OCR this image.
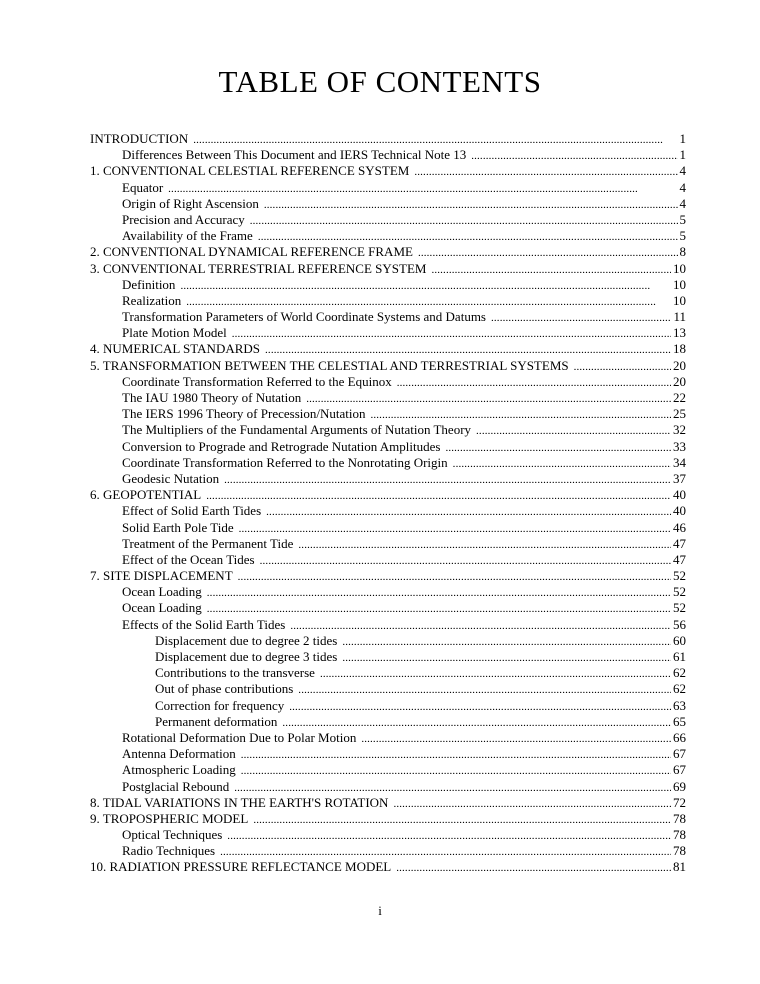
TABLE OF CONTENTS
INTRODUCTION . . .	1
Differences Between This Document and IERS Technical Note 13 . . .	1
1. CONVENTIONAL CELESTIAL REFERENCE SYSTEM . . .	4
Equator . . .	4
Origin of Right Ascension . . .	4
Precision and Accuracy . . .	5
Availability of the Frame . . .	5
2. CONVENTIONAL DYNAMICAL REFERENCE FRAME . . .	8
3. CONVENTIONAL TERRESTRIAL REFERENCE SYSTEM . . .	10
Definition . . .	10
Realization . . .	10
Transformation Parameters of World Coordinate Systems and Datums . . .	11
Plate Motion Model . . .	13
4. NUMERICAL STANDARDS . . .	18
5. TRANSFORMATION BETWEEN THE CELESTIAL AND TERRESTRIAL SYSTEMS . . .	20
Coordinate Transformation Referred to the Equinox . . .	20
The IAU 1980 Theory of Nutation . . .	22
The IERS 1996 Theory of Precession/Nutation . . .	25
The Multipliers of the Fundamental Arguments of Nutation Theory . . .	32
Conversion to Prograde and Retrograde Nutation Amplitudes . . .	33
Coordinate Transformation Referred to the Nonrotating Origin . . .	34
Geodesic Nutation . . .	37
6. GEOPOTENTIAL . . .	40
Effect of Solid Earth Tides . . .	40
Solid Earth Pole Tide . . .	46
Treatment of the Permanent Tide . . .	47
Effect of the Ocean Tides . . .	47
7. SITE DISPLACEMENT . . .	52
Ocean Loading . . .	52
Ocean Loading . . .	52
Effects of the Solid Earth Tides . . .	56
Displacement due to degree 2 tides . . .	60
Displacement due to degree 3 tides . . .	61
Contributions to the transverse . . .	62
Out of phase contributions . . .	62
Correction for frequency . . .	63
Permanent deformation . . .	65
Rotational Deformation Due to Polar Motion . . .	66
Antenna Deformation . . .	67
Atmospheric Loading . . .	67
Postglacial Rebound . . .	69
8. TIDAL VARIATIONS IN THE EARTH'S ROTATION . . .	72
9. TROPOSPHERIC MODEL . . .	78
Optical Techniques . . .	78
Radio Techniques . . .	78
10. RADIATION PRESSURE REFLECTANCE MODEL . . .	81
i
